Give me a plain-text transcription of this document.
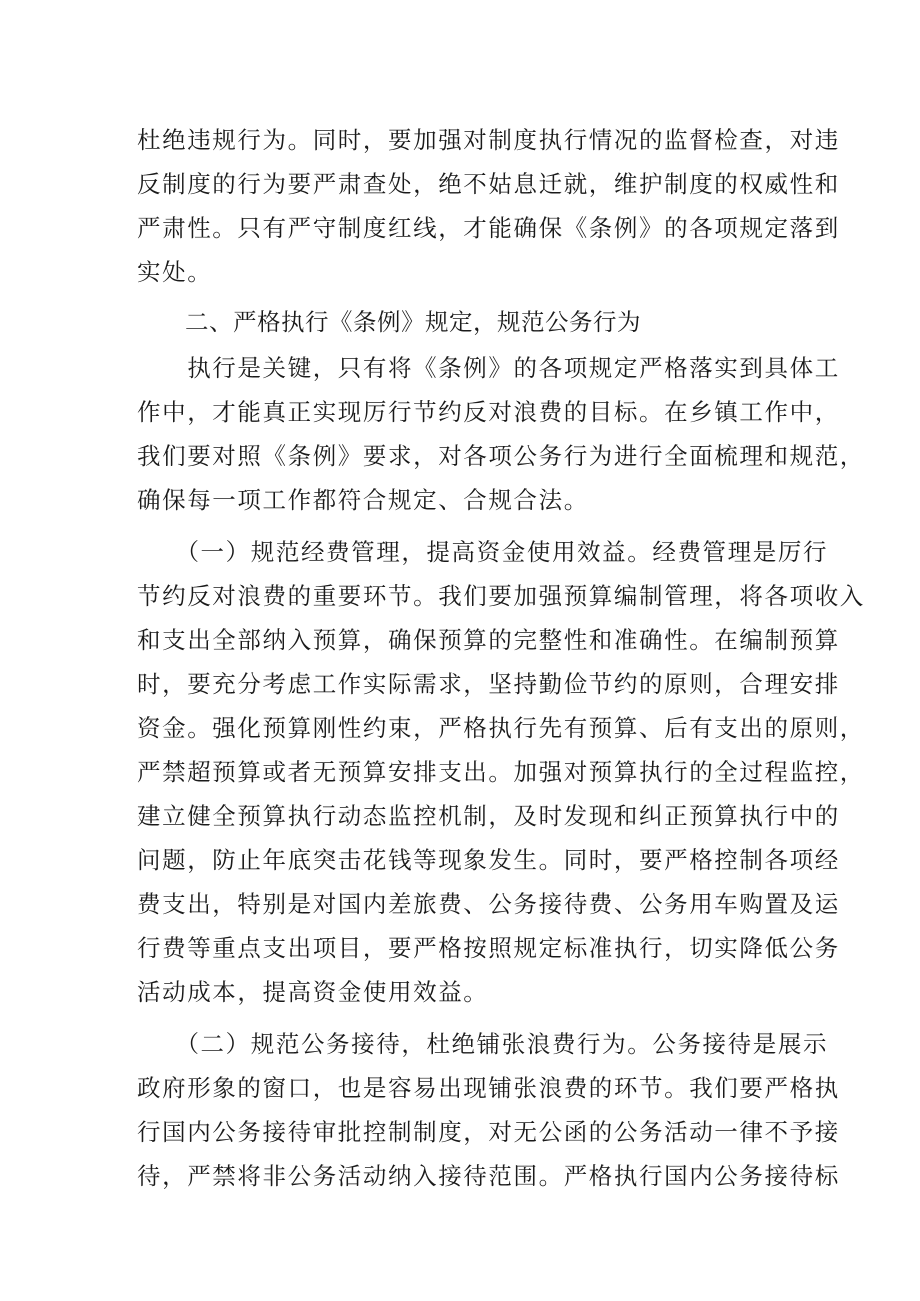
杜绝违规行为。同时，要加强对制度执行情况的监督检查，对违
反制度的行为要严肃查处，绝不姑息迁就，维护制度的权威性和
严肃性。只有严守制度红线，才能确保《条例》的各项规定落到
实处。
二、严格执行《条例》规定，规范公务行为
　　执行是关键，只有将《条例》的各项规定严格落实到具体工
作中，才能真正实现厉行节约反对浪费的目标。在乡镇工作中，
我们要对照《条例》要求，对各项公务行为进行全面梳理和规范，
确保每一项工作都符合规定、合规合法。
　　（一）规范经费管理，提高资金使用效益。经费管理是厉行
节约反对浪费的重要环节。我们要加强预算编制管理，将各项收入
和支出全部纳入预算，确保预算的完整性和准确性。在编制预算
时，要充分考虑工作实际需求，坚持勤俭节约的原则，合理安排
资金。强化预算刚性约束，严格执行先有预算、后有支出的原则，
严禁超预算或者无预算安排支出。加强对预算执行的全过程监控，
建立健全预算执行动态监控机制，及时发现和纠正预算执行中的
问题，防止年底突击花钱等现象发生。同时，要严格控制各项经
费支出，特别是对国内差旅费、公务接待费、公务用车购置及运
行费等重点支出项目，要严格按照规定标准执行，切实降低公务
活动成本，提高资金使用效益。
　　（二）规范公务接待，杜绝铺张浪费行为。公务接待是展示
政府形象的窗口，也是容易出现铺张浪费的环节。我们要严格执
行国内公务接待审批控制制度，对无公函的公务活动一律不予接
待，严禁将非公务活动纳入接待范围。严格执行国内公务接待标
